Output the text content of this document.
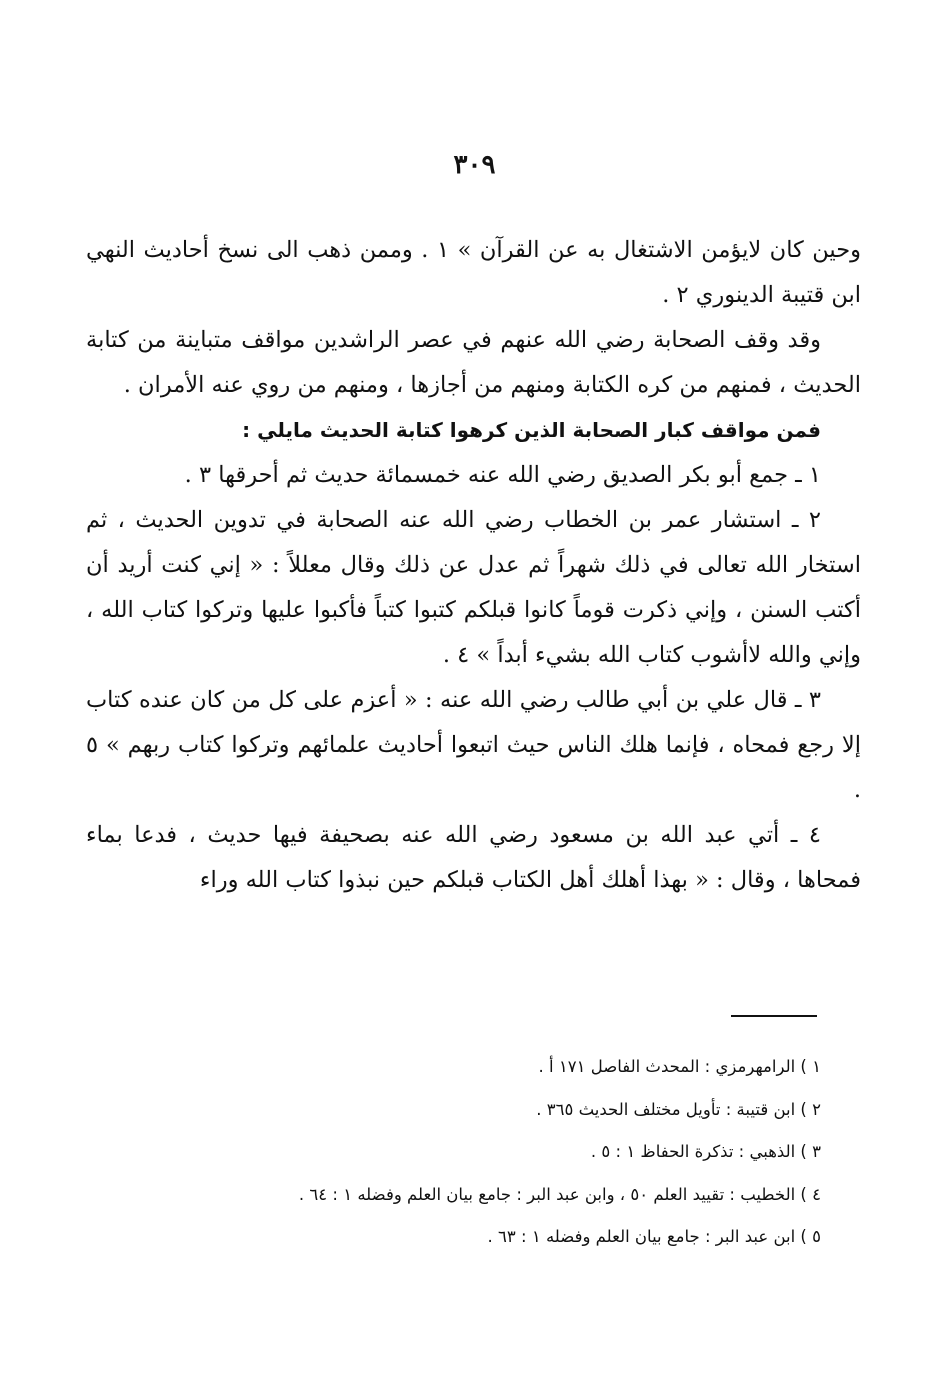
٣٠٩

وحين كان لايؤمن الاشتغال به عن القرآن » ١ . وممن ذهب الى نسخ أحاديث النهي ابن قتيبة الدينوري ٢ .

وقد وقف الصحابة رضي الله عنهم في عصر الراشدين مواقف متباينة من كتابة الحديث ، فمنهم من كره الكتابة ومنهم من أجازها ، ومنهم من روي عنه الأمران .

فمن مواقف كبار الصحابة الذين كرهوا كتابة الحديث مايلي :

١ ـ جمع أبو بكر الصديق رضي الله عنه خمسمائة حديث ثم أحرقها ٣ .

٢ ـ استشار عمر بن الخطاب رضي الله عنه الصحابة في تدوين الحديث ، ثم استخار الله تعالى في ذلك شهراً ثم عدل عن ذلك وقال معللاً : « إني كنت أريد أن أكتب السنن ، وإني ذكرت قوماً كانوا قبلكم كتبوا كتباً فأكبوا عليها وتركوا كتاب الله ، وإني والله لاأشوب كتاب الله بشيء أبداً » ٤ .

٣ ـ قال علي بن أبي طالب رضي الله عنه : « أعزم على كل من كان عنده كتاب إلا رجع فمحاه ، فإنما هلك الناس حيث اتبعوا أحاديث علمائهم وتركوا كتاب ربهم » ٥ .

٤ ـ أتي عبد الله بن مسعود رضي الله عنه بصحيفة فيها حديث ، فدعا بماء فمحاها ، وقال : « بهذا أهلك أهل الكتاب قبلكم حين نبذوا كتاب الله وراء

١ ) الرامهرمزي : المحدث الفاصل ١٧١ أ .

٢ ) ابن قتيبة : تأويل مختلف الحديث ٣٦٥ .

٣ ) الذهبي : تذكرة الحفاظ ١ : ٥ .

٤ ) الخطيب : تقييد العلم ٥٠ ، وابن عبد البر : جامع بيان العلم وفضله ١ : ٦٤ .

٥ ) ابن عبد البر : جامع بيان العلم وفضله ١ : ٦٣ .
